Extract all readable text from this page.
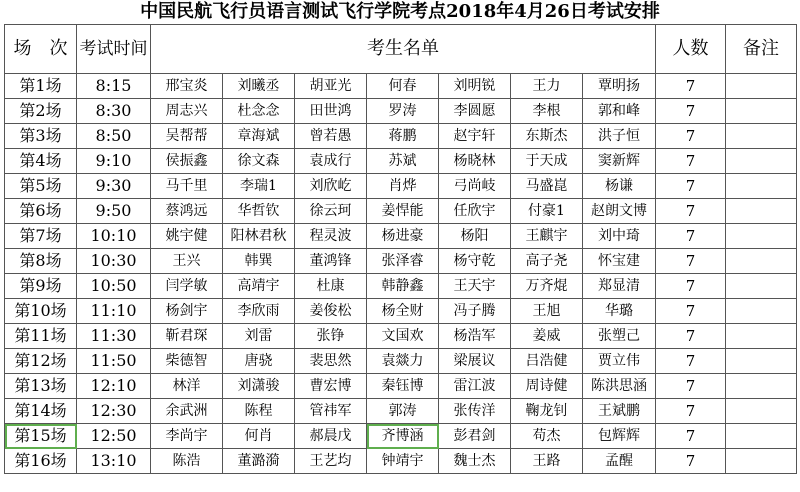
中国民航飞行员语言测试飞行学院考点2018年4月26日考试安排
场　次	考试时间	考生名单							人数	备注
第1场	8:15	邢宝炎	刘曦丞	胡亚光	何春	刘明锐	王力	覃明扬	7	
第2场	8:30	周志兴	杜念念	田世鸿	罗涛	李圆愿	李根	郭和峰	7	
第3场	8:50	吴帮帮	章海斌	曾若愚	蒋鹏	赵宇轩	东斯杰	洪子恒	7	
第4场	9:10	侯振鑫	徐文森	袁成行	苏斌	杨晓林	于天成	窦新辉	7	
第5场	9:30	马千里	李瑞1	刘欣屹	肖烨	弓尚岐	马盛崑	杨谦	7	
第6场	9:50	蔡鸿远	华哲钦	徐云珂	姜悍能	任欣宇	付豪1	赵朗文博	7	
第7场	10:10	姚宇健	阳林君秋	程灵波	杨进豪	杨阳	王麒宇	刘中琦	7	
第8场	10:30	王兴	韩巽	董鸿锋	张泽睿	杨守乾	高子尧	怀宝建	7	
第9场	10:50	闫学敏	高靖宇	杜康	韩静鑫	王天宇	万齐焜	郑显清	7	
第10场	11:10	杨剑宇	李欣雨	姜俊松	杨全财	冯子腾	王旭	华璐	7	
第11场	11:30	靳君琛	刘雷	张铮	文国欢	杨浩军	姜威	张塑己	7	
第12场	11:50	柴德智	唐骁	裴思然	袁燚力	梁展议	吕浩健	贾立伟	7	
第13场	12:10	林洋	刘潇骏	曹宏博	秦钰博	雷江波	周诗健	陈洪思涵	7	
第14场	12:30	余武洲	陈程	管祎军	郭涛	张传洋	鞠龙钊	王斌鹏	7	
第15场	12:50	李尚宇	何肖	郝晨戊	齐博涵	彭君剑	苟杰	包辉辉	7	
第16场	13:10	陈浩	董潞漪	王艺均	钟靖宇	魏士杰	王路	孟醒	7	
